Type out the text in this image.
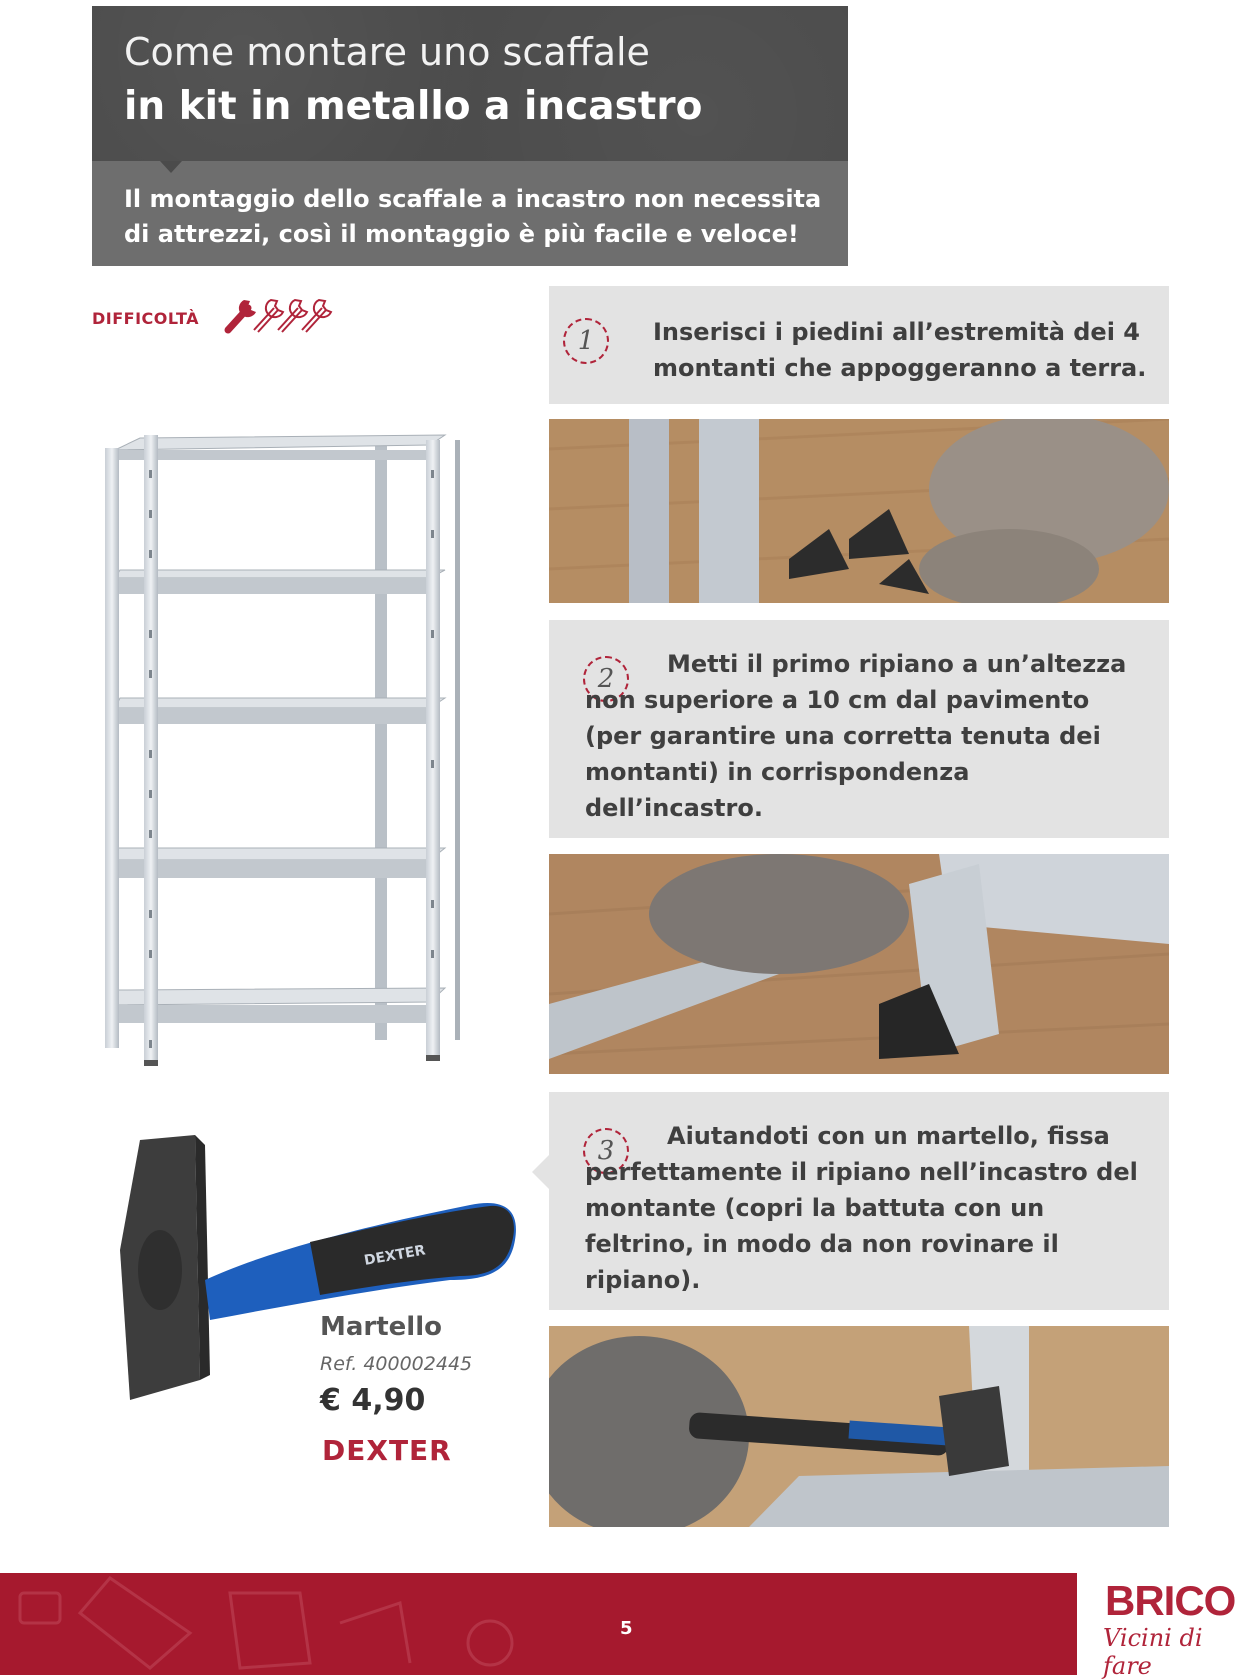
Come montare uno scaffale
in kit in metallo a incastro
Il montaggio dello scaffale a incastro non necessita di attrezzi, così il montaggio è più facile e veloce!
DIFFICOLTÀ
1	Inserisci i piedini all’estremità dei 4 montanti che appoggeranno a terra.
2	Metti il primo ripiano a un’altezza non superiore a 10 cm dal pavimento (per garantire una corretta tenuta dei montanti) in corrispondenza dell’incastro.
3	Aiutandoti con un martello, fissa perfettamente il ripiano nell’incastro del montante (copri la battuta con un feltrino, in modo da non rovinare il ripiano).
DEXTER
Martello
Ref. 400002445
€ 4,90
DEXTER
5
BRICO
Vicini di fare
